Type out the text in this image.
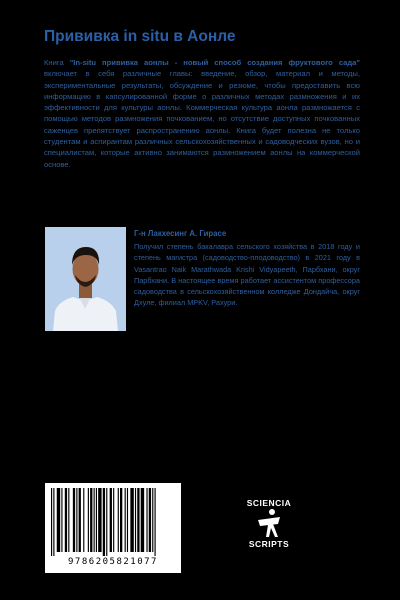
Прививка in situ в Аонле
Книга "In-situ прививка аонлы - новый способ создания фруктового сада" включает в себя различные главы: введение, обзор, материал и методы, экспериментальные результаты, обсуждение и резюме, чтобы предоставить всю информацию в капсулированной форме о различных методах размножения и их эффективности для культуры аонлы. Коммерческая культура аонла размножается с помощью методов размножения почкованием, но отсутствие доступных почкованных саженцев препятствует распространению аонлы. Книга будет полезна не только студентам и аспирантам различных сельскохозяйственных и садоводческих вузов, но и специалистам, которые активно занимаются размножением аонлы на коммерческой основе.
Г-н Лакхесинг А. Гирасе
Получил степень бакалавра сельского хозяйства в 2018 году и степень магистра (садоводство-плодоводство) в 2021 году в Vasantrao Naik Marathwada Krishi Vidyapeeth, Парбхани, округ Парбхани. В настоящее время работает ассистентом профессора садоводства в сельскохозяйственном колледже Дондайча, округ Дхуле, филиал MPKV, Рахури.
9786205821077
SCIENCIA
SCRIPTS
